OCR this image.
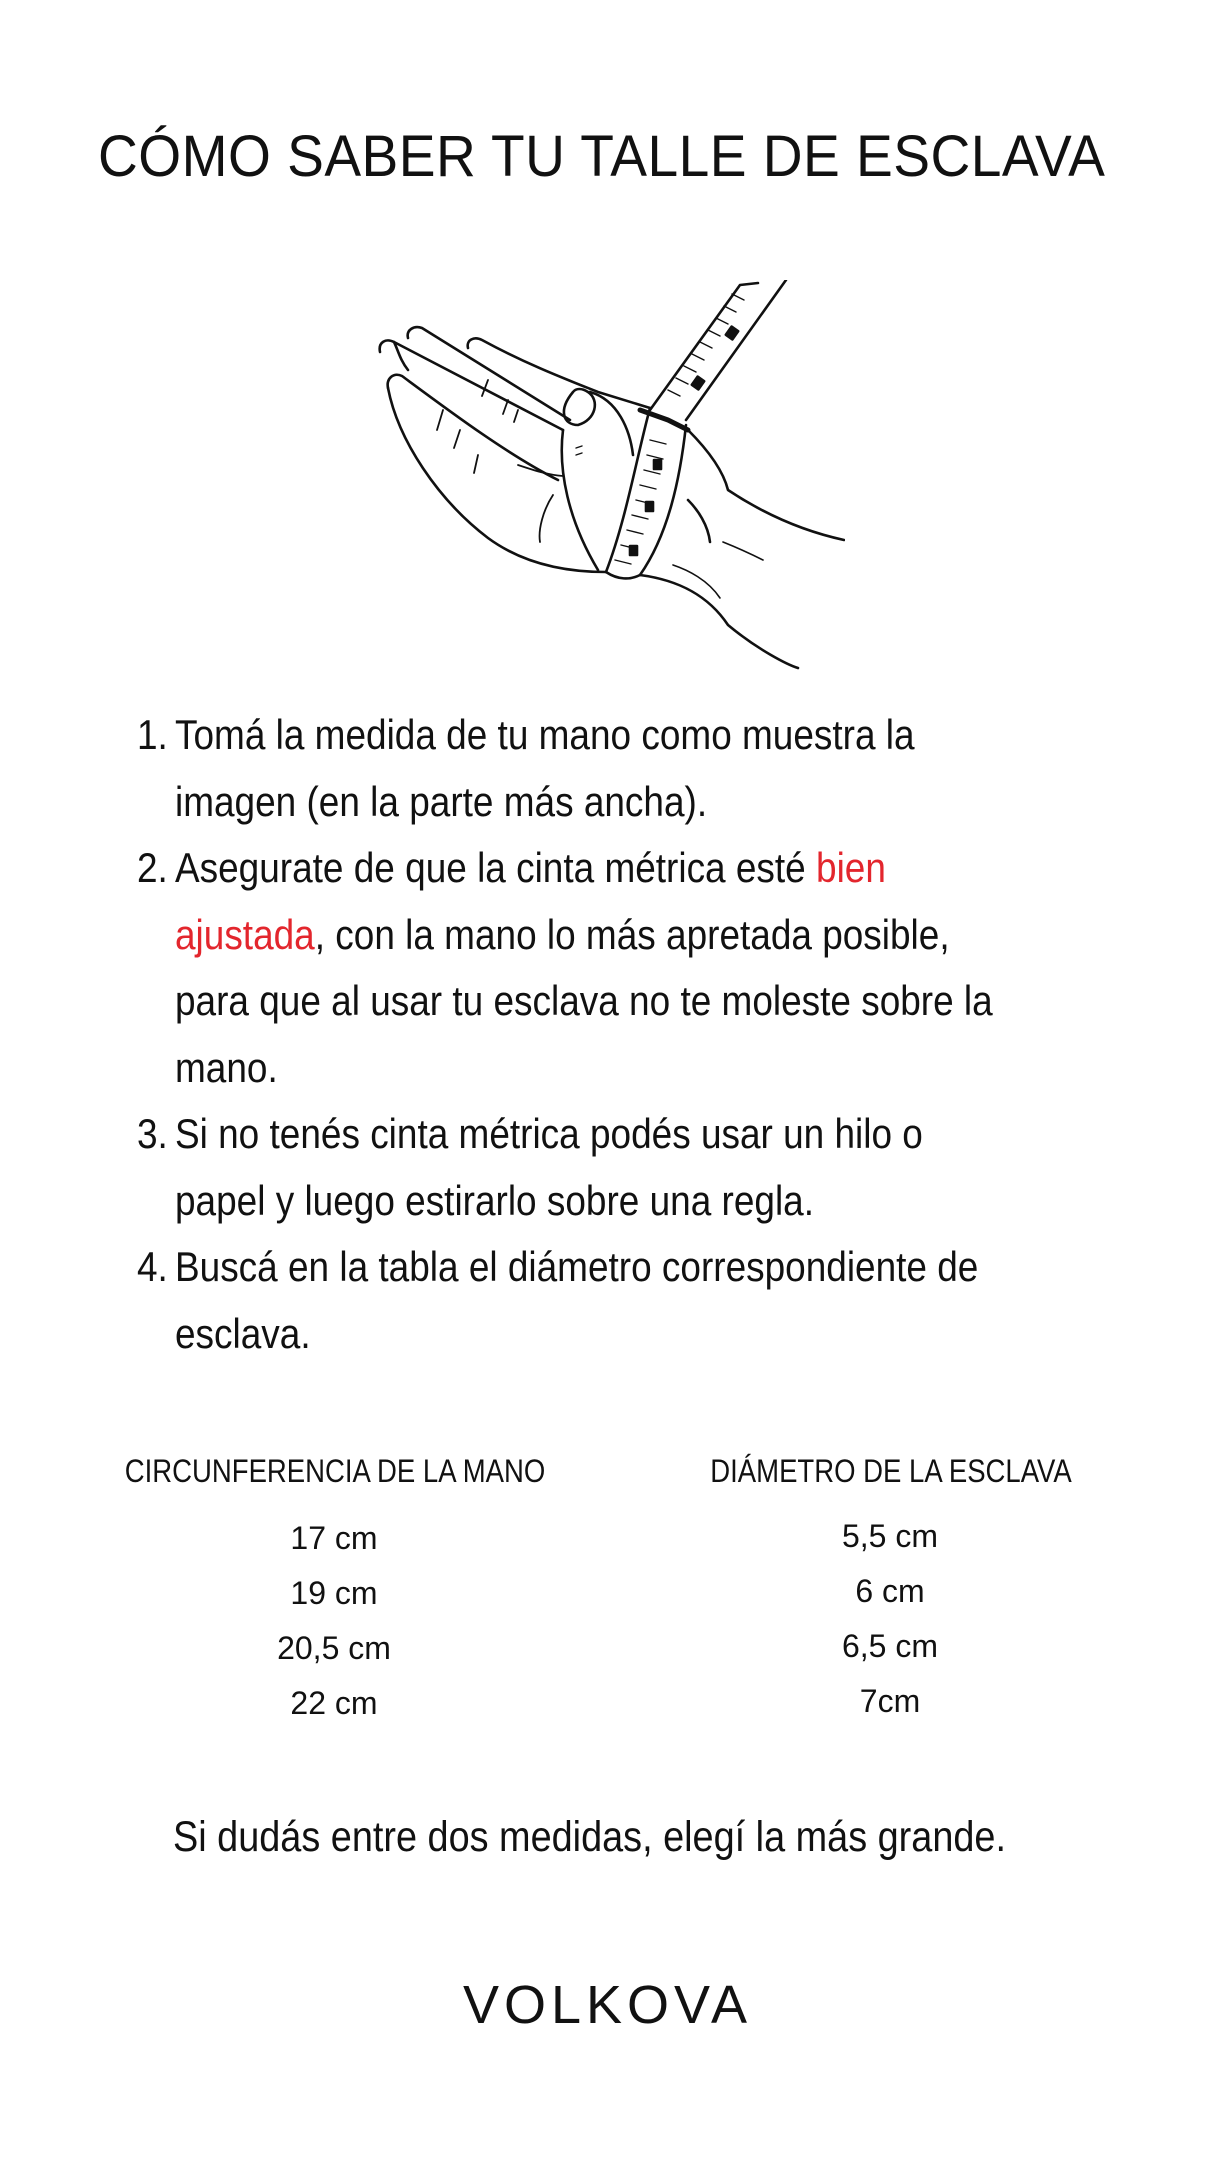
CÓMO SABER TU TALLE DE ESCLAVA
1. Tomá la medida de tu mano como muestra la
imagen (en la parte más ancha).
2. Asegurate de que la cinta métrica esté bien
ajustada, con la mano lo más apretada posible,
para que al usar tu esclava no te moleste sobre la
mano.
3. Si no tenés cinta métrica podés usar un hilo o
papel y luego estirarlo sobre una regla.
4. Buscá en la tabla el diámetro correspondiente de
esclava.
CIRCUNFERENCIA DE LA MANO	DIÁMETRO DE LA ESCLAVA
17 cm	5,5 cm
19 cm	6 cm
20,5 cm	6,5 cm
22 cm	7cm
Si dudás entre dos medidas, elegí la más grande.
VOLKOVA
